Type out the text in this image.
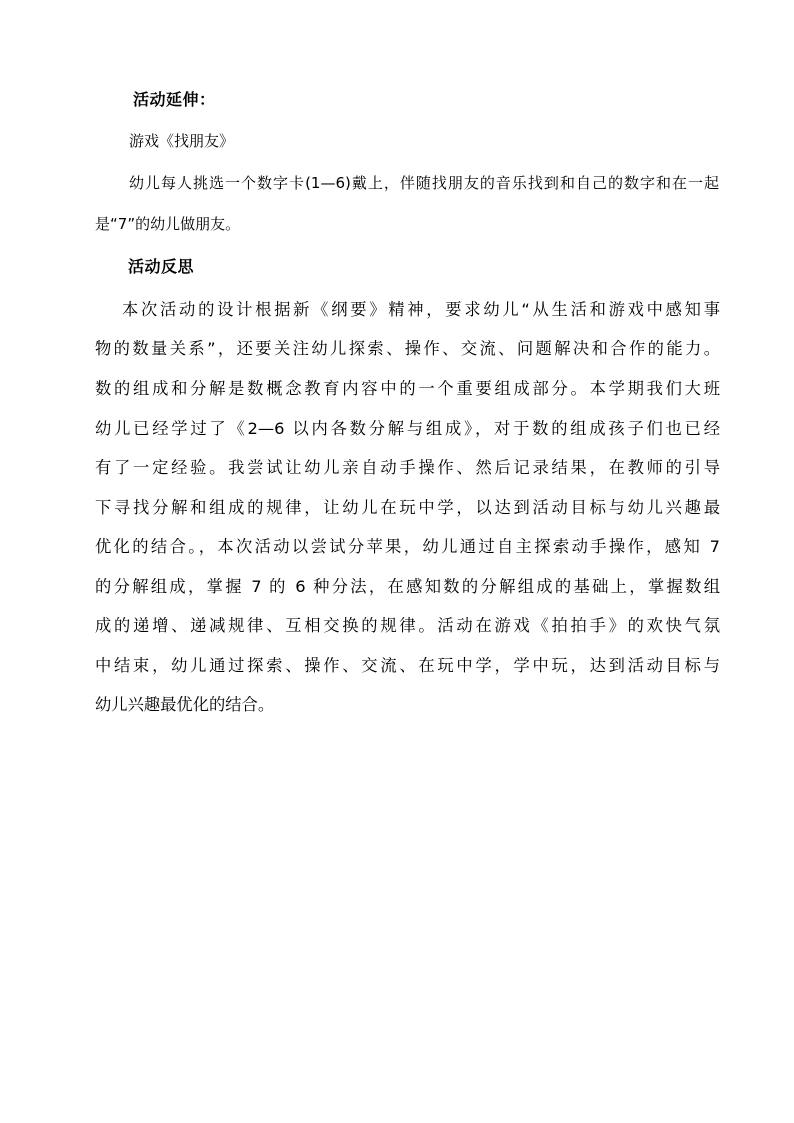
活动延伸：

游戏《找朋友》

幼儿每人挑选一个数字卡(1—6)戴上，伴随找朋友的音乐找到和自己的数字和在一起

是“7”的幼儿做朋友。

活动反思

本次活动的设计根据新《纲要》精神，要求幼儿“从生活和游戏中感知事

物的数量关系”，还要关注幼儿探索、操作、交流、问题解决和合作的能力。

数的组成和分解是数概念教育内容中的一个重要组成部分。本学期我们大班

幼儿已经学过了《2—6 以内各数分解与组成》，对于数的组成孩子们也已经

有了一定经验。我尝试让幼儿亲自动手操作、然后记录结果，在教师的引导

下寻找分解和组成的规律，让幼儿在玩中学，以达到活动目标与幼儿兴趣最

优化的结合。，本次活动以尝试分苹果，幼儿通过自主探索动手操作，感知 7

的分解组成，掌握 7 的 6 种分法，在感知数的分解组成的基础上，掌握数组

成的递增、递减规律、互相交换的规律。活动在游戏《拍拍手》的欢快气氛

中结束，幼儿通过探索、操作、交流、在玩中学，学中玩，达到活动目标与

幼儿兴趣最优化的结合。
